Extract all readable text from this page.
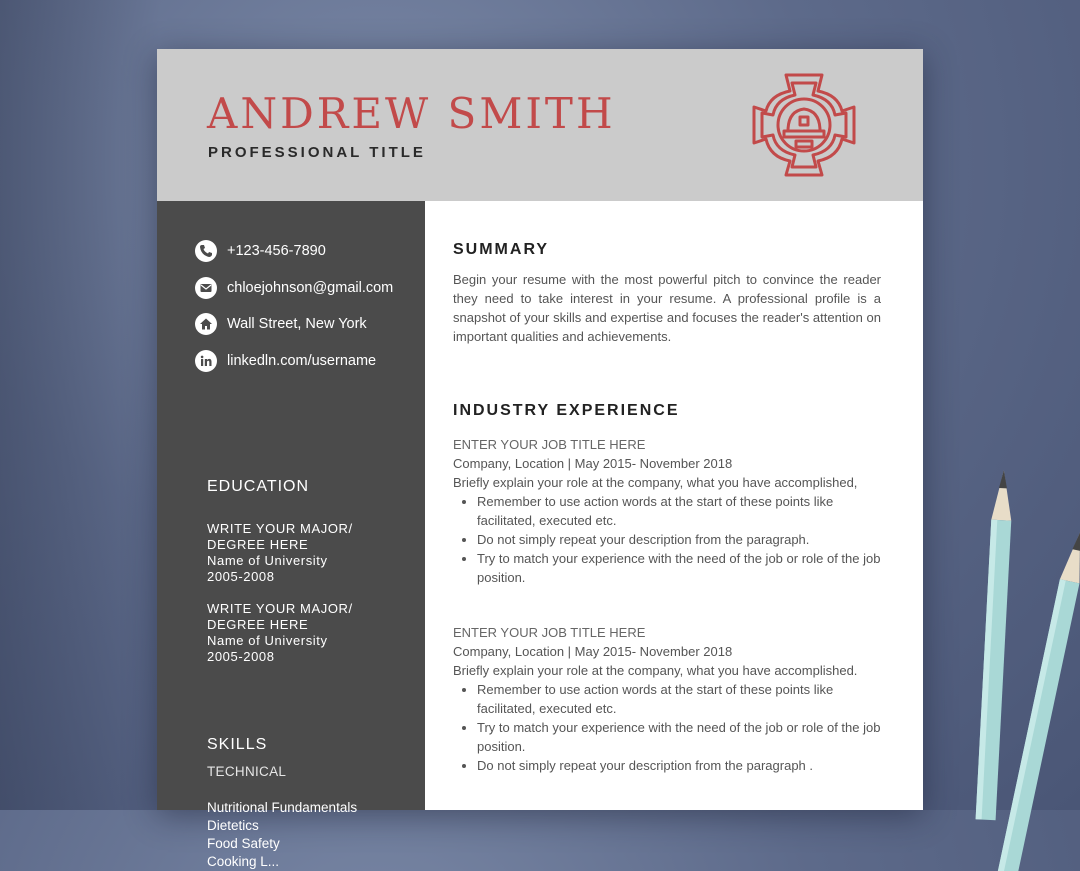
ANDREW SMITH
PROFESSIONAL TITLE
+123-456-7890
chloejohnson@gmail.com
Wall Street, New York
linkedln.com/username
EDUCATION
WRITE YOUR MAJOR/
DEGREE HERE
Name of University
2005-2008
WRITE YOUR MAJOR/
DEGREE HERE
Name of University
2005-2008
SKILLS
TECHNICAL
Nutritional Fundamentals
Dietetics
Food Safety
Cooking L...
SUMMARY

Begin your resume with the most powerful pitch to convince the reader they need to take interest in your resume. A professional profile is a snapshot of your skills and expertise and focuses the reader's attention on important qualities and achievements.

INDUSTRY EXPERIENCE
ENTER YOUR JOB TITLE HERE
Company, Location | May 2015- November 2018
Briefly explain your role at the company, what you have accomplished,
• Remember to use action words at the start of these points like facilitated, executed etc.
• Do not simply repeat your description from the paragraph.
• Try to match your experience with the need of the job or role of the job position.
ENTER YOUR JOB TITLE HERE
Company, Location | May 2015- November 2018
Briefly explain your role at the company, what you have accomplished.
• Remember to use action words at the start of these points like facilitated, executed etc.
• Try to match your experience with the need of the job or role of the job position.
• Do not simply repeat your description from the paragraph .
